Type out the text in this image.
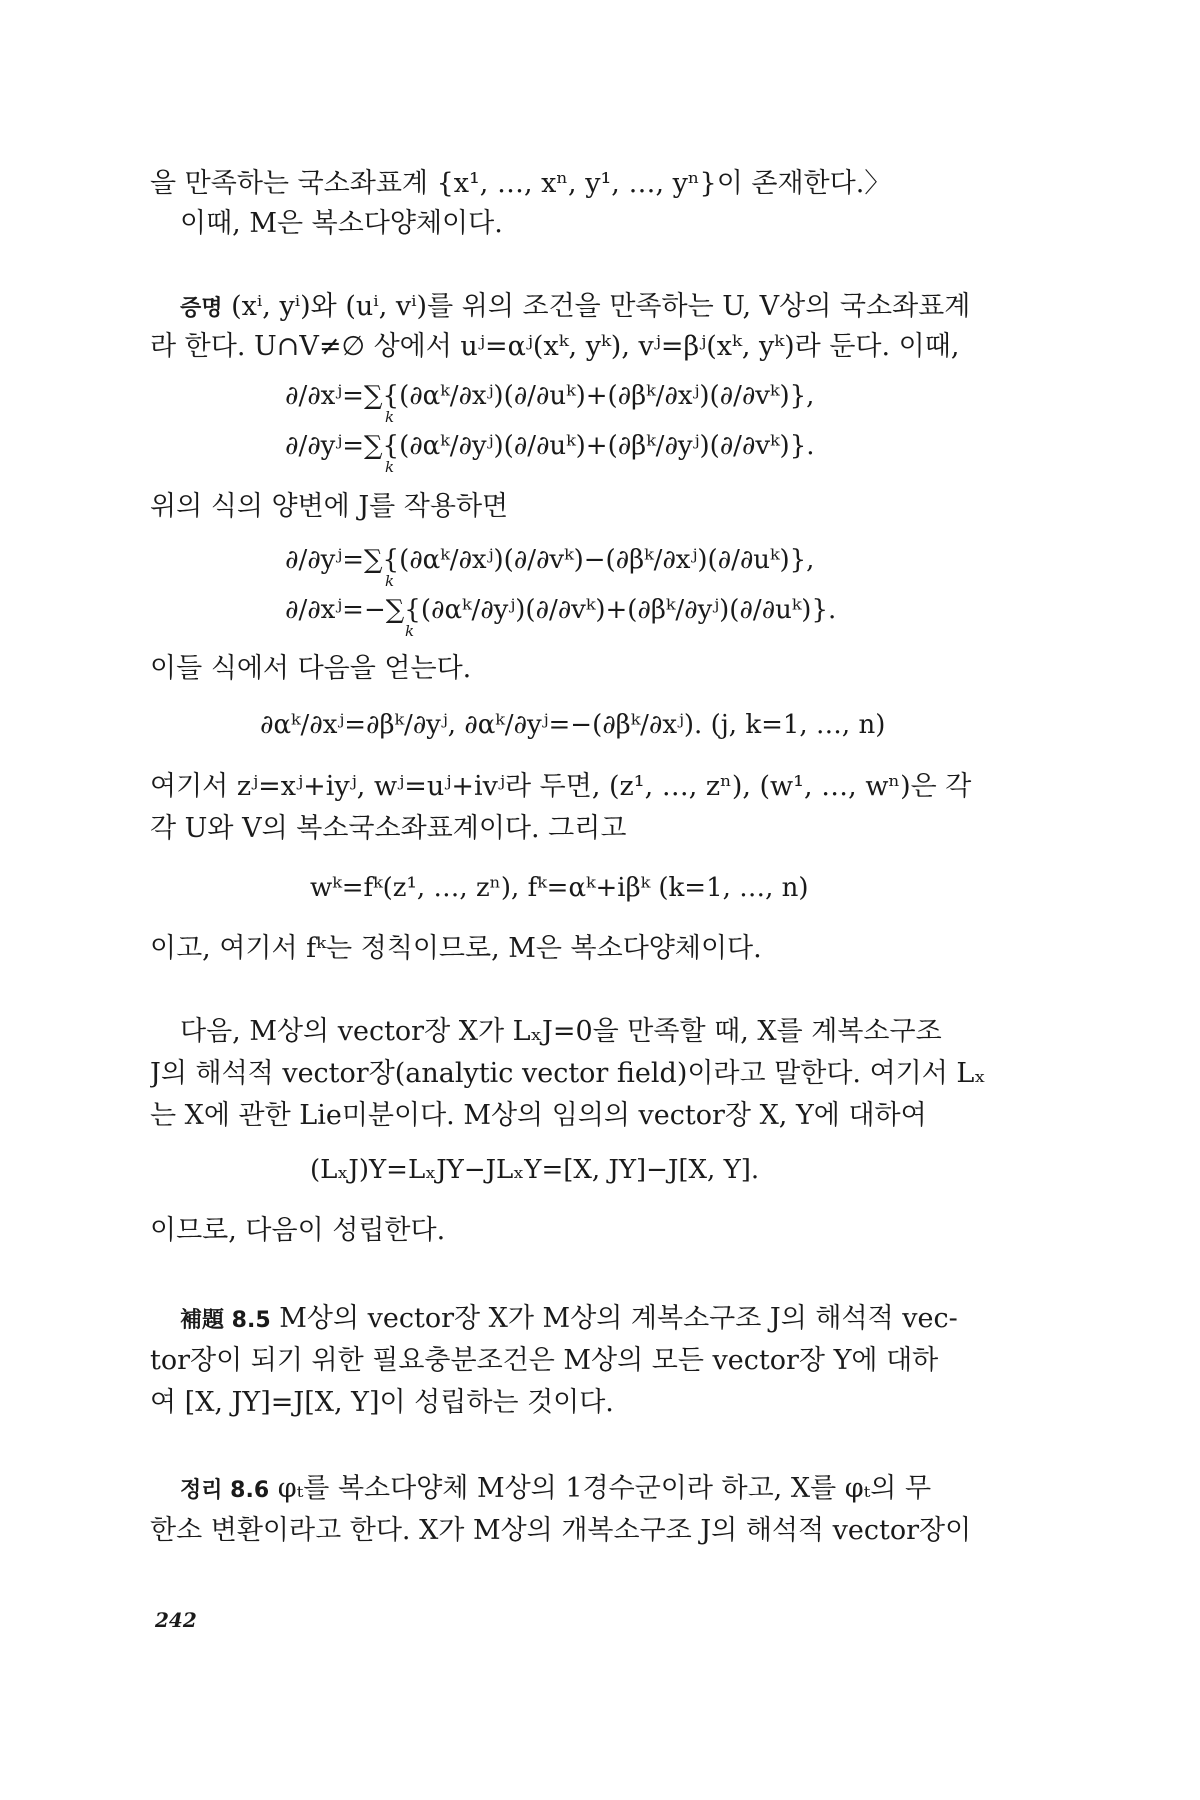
을 만족하는 국소좌표계 {x¹, …, xⁿ, y¹, …, yⁿ}이 존재한다.〉
이때, M은 복소다양체이다.
증명 (xⁱ, yⁱ)와 (uⁱ, vⁱ)를 위의 조건을 만족하는 U, V상의 국소좌표계
라 한다. U∩V≠∅ 상에서 uʲ=αʲ(xᵏ, yᵏ), vʲ=βʲ(xᵏ, yᵏ)라 둔다. 이때,
∂/∂xʲ=∑{(∂αᵏ/∂xʲ)(∂/∂uᵏ)+(∂βᵏ/∂xʲ)(∂/∂vᵏ)},
k
∂/∂yʲ=∑{(∂αᵏ/∂yʲ)(∂/∂uᵏ)+(∂βᵏ/∂yʲ)(∂/∂vᵏ)}.
k
위의 식의 양변에 J를 작용하면
∂/∂yʲ=∑{(∂αᵏ/∂xʲ)(∂/∂vᵏ)−(∂βᵏ/∂xʲ)(∂/∂uᵏ)},
k
∂/∂xʲ=−∑{(∂αᵏ/∂yʲ)(∂/∂vᵏ)+(∂βᵏ/∂yʲ)(∂/∂uᵏ)}.
k
이들 식에서 다음을 얻는다.
∂αᵏ/∂xʲ=∂βᵏ/∂yʲ, ∂αᵏ/∂yʲ=−(∂βᵏ/∂xʲ). (j, k=1, …, n)
여기서 zʲ=xʲ+iyʲ, wʲ=uʲ+ivʲ라 두면, (z¹, …, zⁿ), (w¹, …, wⁿ)은 각
각 U와 V의 복소국소좌표계이다. 그리고
wᵏ=fᵏ(z¹, …, zⁿ), fᵏ=αᵏ+iβᵏ (k=1, …, n)
이고, 여기서 fᵏ는 정칙이므로, M은 복소다양체이다.
다음, M상의 vector장 X가 LₓJ=0을 만족할 때, X를 계복소구조
J의 해석적 vector장(analytic vector field)이라고 말한다. 여기서 Lₓ
는 X에 관한 Lie미분이다. M상의 임의의 vector장 X, Y에 대하여
(LₓJ)Y=LₓJY−JLₓY=[X, JY]−J[X, Y].
이므로, 다음이 성립한다.
補題 8.5 M상의 vector장 X가 M상의 계복소구조 J의 해석적 vec-
tor장이 되기 위한 필요충분조건은 M상의 모든 vector장 Y에 대하
여 [X, JY]=J[X, Y]이 성립하는 것이다.
정리 8.6 φₜ를 복소다양체 M상의 1경수군이라 하고, X를 φₜ의 무
한소 변환이라고 한다. X가 M상의 개복소구조 J의 해석적 vector장이
242
